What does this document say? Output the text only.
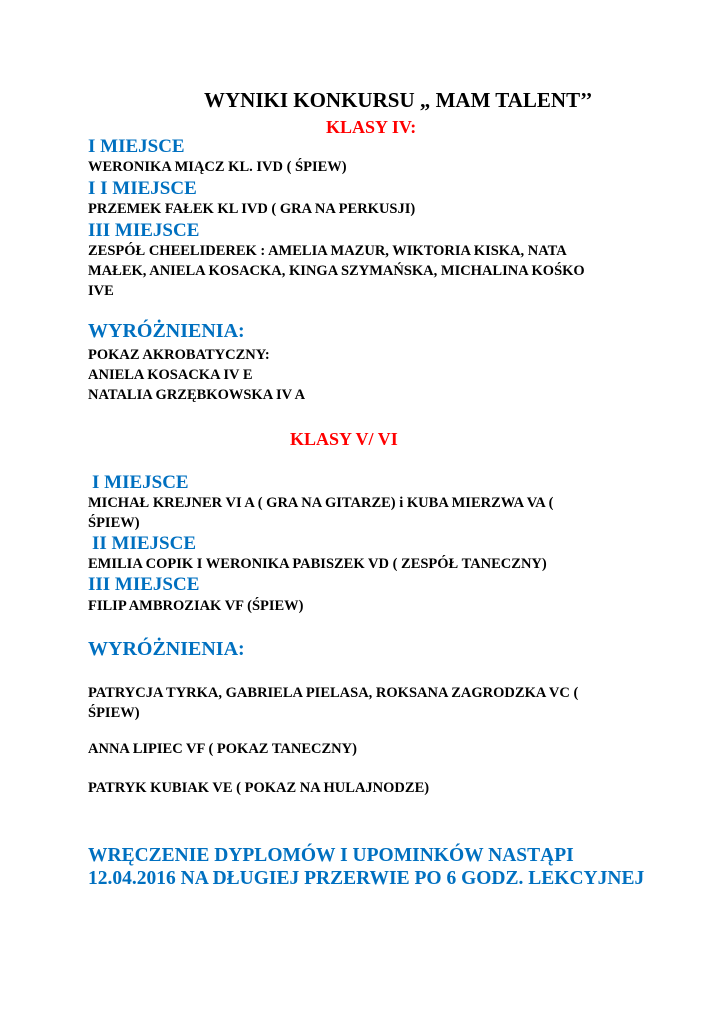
WYNIKI KONKURSU „ MAM TALENT’’
KLASY IV:
I MIEJSCE
WERONIKA MIĄCZ KL. IVD ( ŚPIEW)
I I MIEJSCE
PRZEMEK FAŁEK KL IVD ( GRA NA PERKUSJI)
III MIEJSCE
ZESPÓŁ CHEELIDEREK : AMELIA MAZUR, WIKTORIA KISKA, NATA
MAŁEK, ANIELA KOSACKA, KINGA SZYMAŃSKA, MICHALINA KOŚKO
IVE
WYRÓŻNIENIA:
POKAZ AKROBATYCZNY:
ANIELA KOSACKA IV E
NATALIA GRZĘBKOWSKA IV A
KLASY V/ VI
I MIEJSCE
MICHAŁ KREJNER VI A ( GRA NA GITARZE) i KUBA MIERZWA VA (
ŚPIEW)
II MIEJSCE
EMILIA COPIK I WERONIKA PABISZEK VD ( ZESPÓŁ TANECZNY)
III MIEJSCE
FILIP AMBROZIAK VF (ŚPIEW)
WYRÓŻNIENIA:
PATRYCJA TYRKA, GABRIELA PIELASA, ROKSANA ZAGRODZKA VC (
ŚPIEW)
ANNA LIPIEC VF ( POKAZ TANECZNY)
PATRYK KUBIAK VE ( POKAZ NA HULAJNODZE)
WRĘCZENIE DYPLOMÓW I UPOMINKÓW NASTĄPI
12.04.2016 NA DŁUGIEJ PRZERWIE PO 6 GODZ. LEKCYJNEJ
